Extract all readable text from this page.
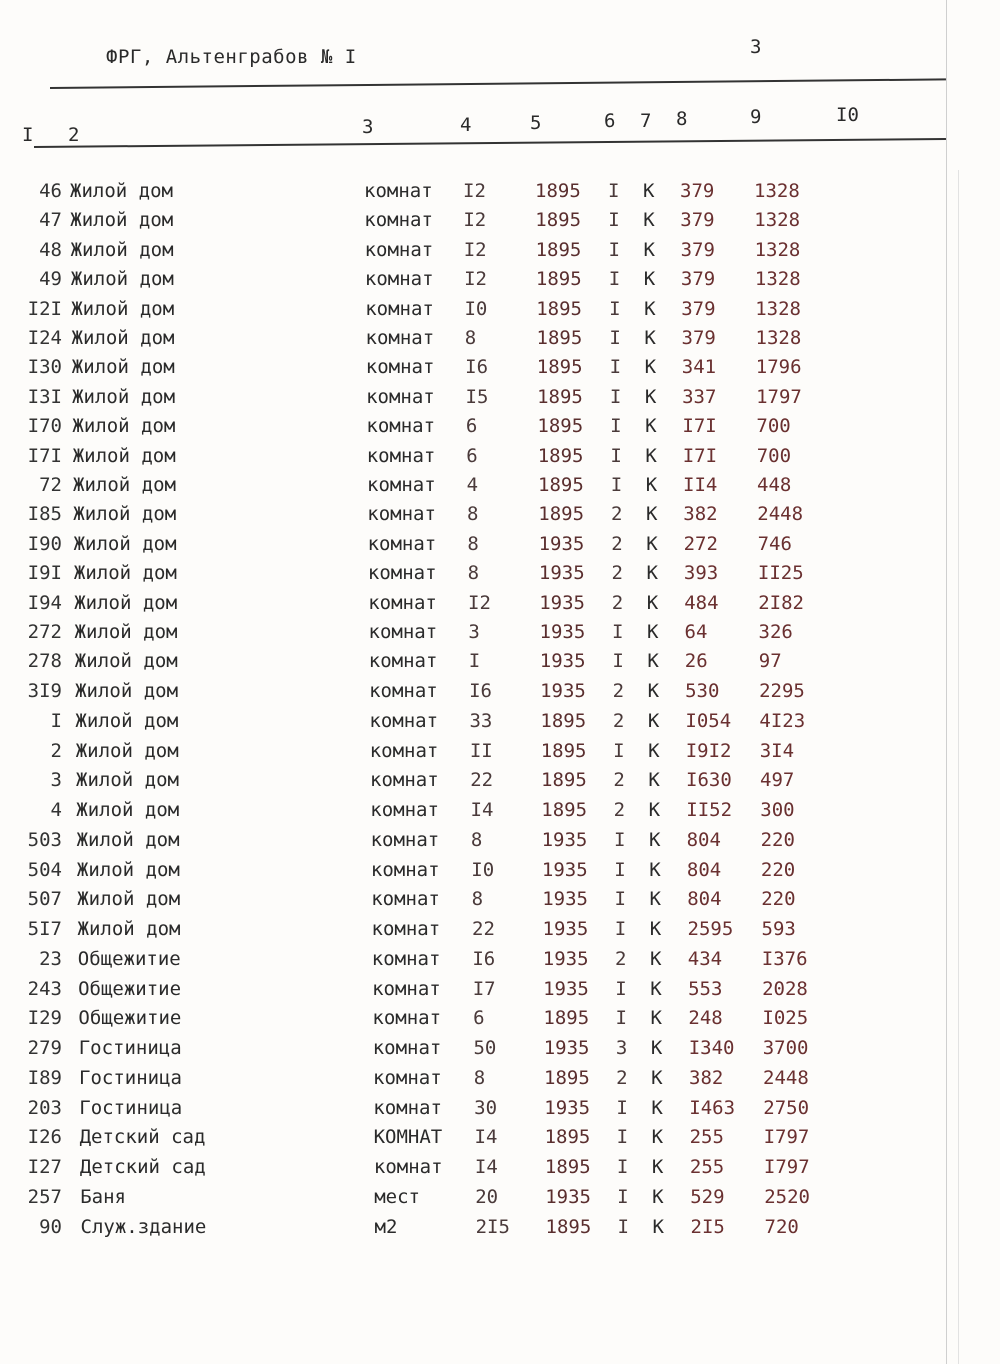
ФРГ, Альтенграбов № I	3
I 2	3	4	5	6 7 8	9	I0
46 Жилой дом	комнат I2	1895 I К 379 1328
47 Жилой дом	комнат I2	1895 I К 379 1328
48 Жилой дом	комнат I2	1895 I К 379 1328
49 Жилой дом	комнат I2	1895 I К 379 1328
I2I Жилой дом	комнат I0	1895 I К 379 1328
I24 Жилой дом	комнат 8	1895 I К 379 1328
I30 Жилой дом	комнат I6	1895 I К 341 1796
I3I Жилой дом	комнат I5	1895 I К 337 1797
I70 Жилой дом	комнат 6	1895 I К I7I 700
I7I Жилой дом	комнат 6	1895 I К I7I 700
72 Жилой дом	комнат 4	1895 I К II4 448
I85 Жилой дом	комнат 8	1895 2 К 382 2448
I90 Жилой дом	комнат 8	1935 2 К 272 746
I9I Жилой дом	комнат 8	1935 2 К 393 II25
I94 Жилой дом	комнат I2	1935 2 К 484 2I82
272 Жилой дом	комнат 3	1935 I К 64	326
278 Жилой дом	комнат I	1935 I К 26	97
3I9 Жилой дом	комнат I6	1935 2 К 530 2295
I Жилой дом	комнат 33	1895 2 К I054 4I23
2 Жилой дом	комнат II	1895 I К I9I2 3I4
3 Жилой дом	комнат 22	1895 2 К I630 497
4 Жилой дом	комнат I4	1895 2 К II52 300
503 Жилой дом	комнат 8	1935 I К 804 220
504 Жилой дом	комнат I0	1935 I К 804 220
507 Жилой дом	комнат 8	1935 I К 804 220
5I7 Жилой дом	комнат 22	1935 I К 2595 593
23 Общежитие	комнат I6	1935 2 К 434 I376
243 Общежитие	комнат I7 1935 I К 553 2028
I29 Общежитие	комнат 6	1895 I К 248 I025
279 Гостиница	комнат 50 1935 3 К I340 3700
I89 Гостиница	комнат 8	1895 2 К 382 2448
203 Гостиница	комнат 30 1935 I К I463 2750
I26 Детский сад	КОМНАТ I4 1895 I К 255 I797
I27 Детский сад	комнат I4 1895 I К 255 I797
257 Баня	мест	20 1935 I К 529 2520
90 Служ.здание	м2	2I5 1895 I К 2I5 720
